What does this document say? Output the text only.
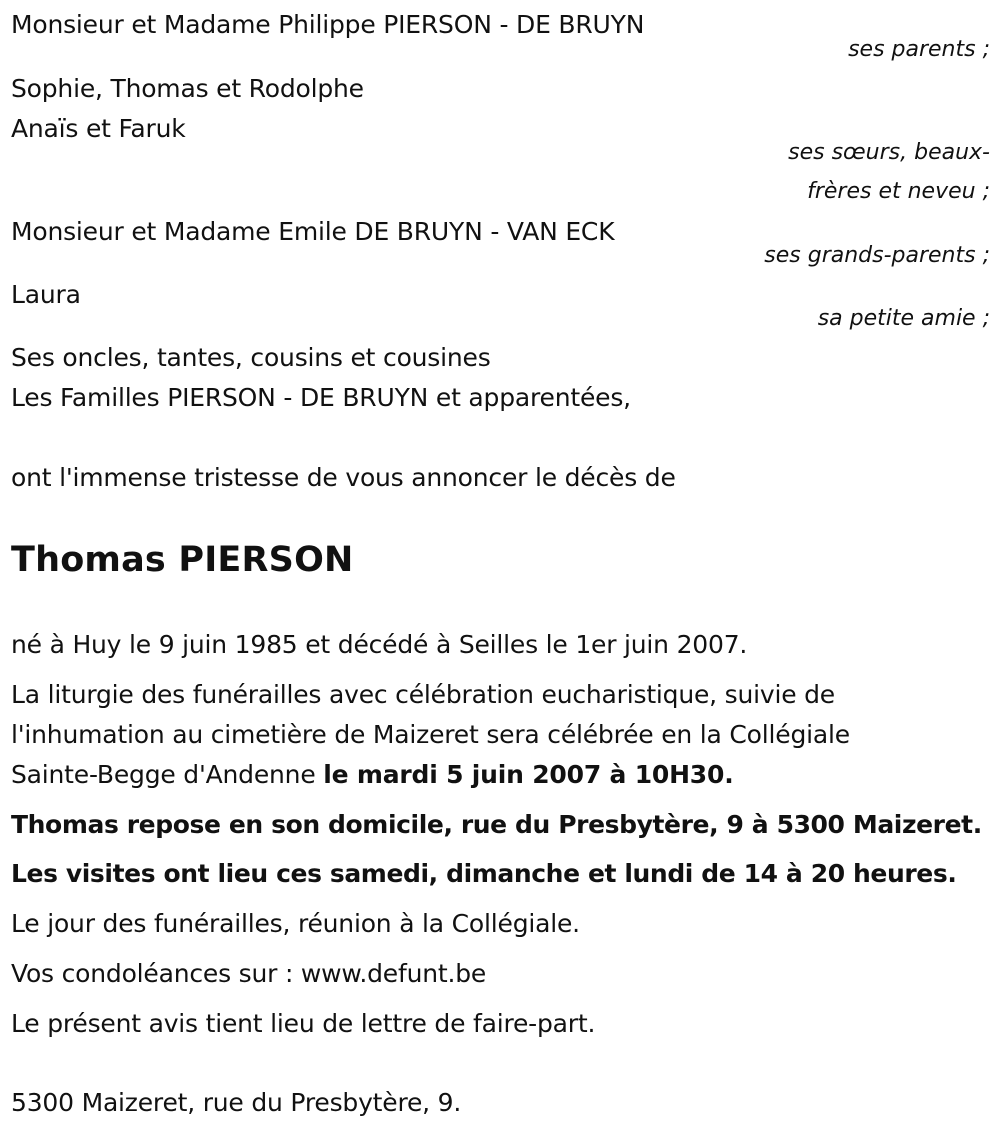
Monsieur et Madame Philippe PIERSON - DE BRUYN
ses parents ;
Sophie, Thomas et Rodolphe
Anaïs et Faruk
ses sœurs, beaux-
frères et neveu ;
Monsieur et Madame Emile DE BRUYN - VAN ECK
ses grands-parents ;
Laura
sa petite amie ;
Ses oncles, tantes, cousins et cousines
Les Familles PIERSON - DE BRUYN et apparentées,
ont l'immense tristesse de vous annoncer le décès de
Thomas PIERSON
né à Huy le 9 juin 1985 et décédé à Seilles le 1er juin 2007.
La liturgie des funérailles avec célébration eucharistique, suivie de
l'inhumation au cimetière de Maizeret sera célébrée en la Collégiale
Sainte-Begge d'Andenne le mardi 5 juin 2007 à 10H30.
Thomas repose en son domicile, rue du Presbytère, 9 à 5300 Maizeret.
Les visites ont lieu ces samedi, dimanche et lundi de 14 à 20 heures.
Le jour des funérailles, réunion à la Collégiale.
Vos condoléances sur : www.defunt.be
Le présent avis tient lieu de lettre de faire-part.
5300 Maizeret, rue du Presbytère, 9.
